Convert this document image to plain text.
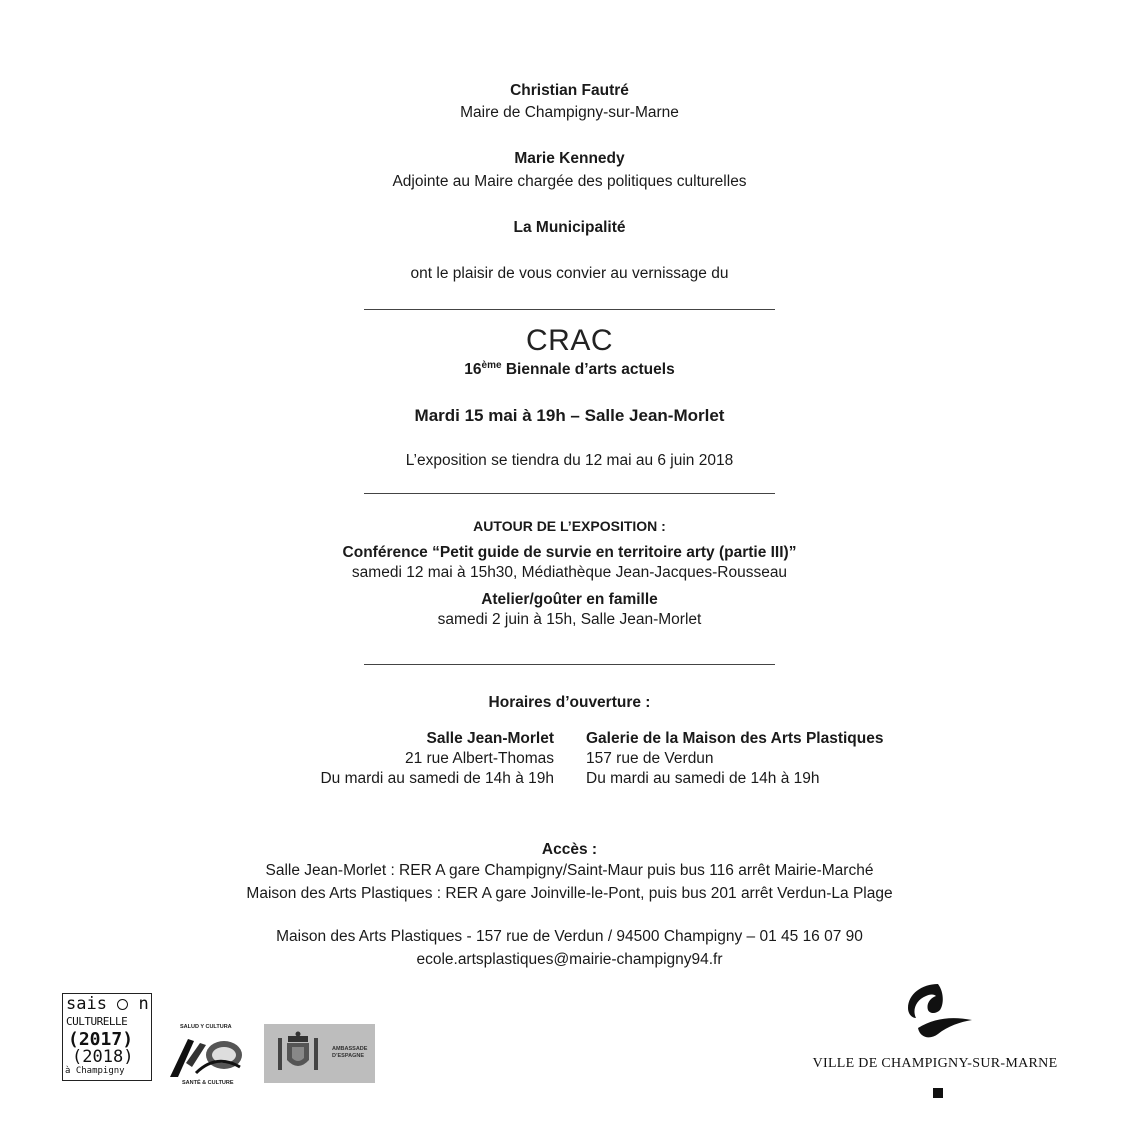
Christian Fautré
Maire de Champigny-sur-Marne
Marie Kennedy
Adjointe au Maire chargée des politiques culturelles
La Municipalité
ont le plaisir de vous convier au vernissage du
CRAC
16ème Biennale d’arts actuels
Mardi 15 mai à 19h – Salle Jean-Morlet
L’exposition se tiendra du 12 mai au 6 juin 2018
AUTOUR DE L’EXPOSITION :
Conférence “Petit guide de survie en territoire arty (partie III)”
samedi 12 mai à 15h30, Médiathèque Jean-Jacques-Rousseau
Atelier/goûter en famille
samedi 2 juin à 15h, Salle Jean-Morlet
Horaires d’ouverture :
Salle Jean-Morlet
21 rue Albert-Thomas
Du mardi au samedi de 14h à 19h
Galerie de la Maison des Arts Plastiques
157 rue de Verdun
Du mardi au samedi de 14h à 19h
Accès :
Salle Jean-Morlet : RER A gare Champigny/Saint-Maur puis bus 116 arrêt Mairie-Marché
Maison des Arts Plastiques : RER A gare Joinville-le-Pont, puis bus 201 arrêt Verdun-La Plage
Maison des Arts Plastiques - 157 rue de Verdun / 94500 Champigny – 01 45 16 07 90
ecole.artsplastiques@mairie-champigny94.fr
sais n
CULTURELLE
(2017)
(2018)
à Champigny
SALUD Y CULTURA
SANTÉ & CULTURE
AMBASSADE
D’ESPAGNE	VILLE DE CHAMPIGNY-SUR-MARNE
